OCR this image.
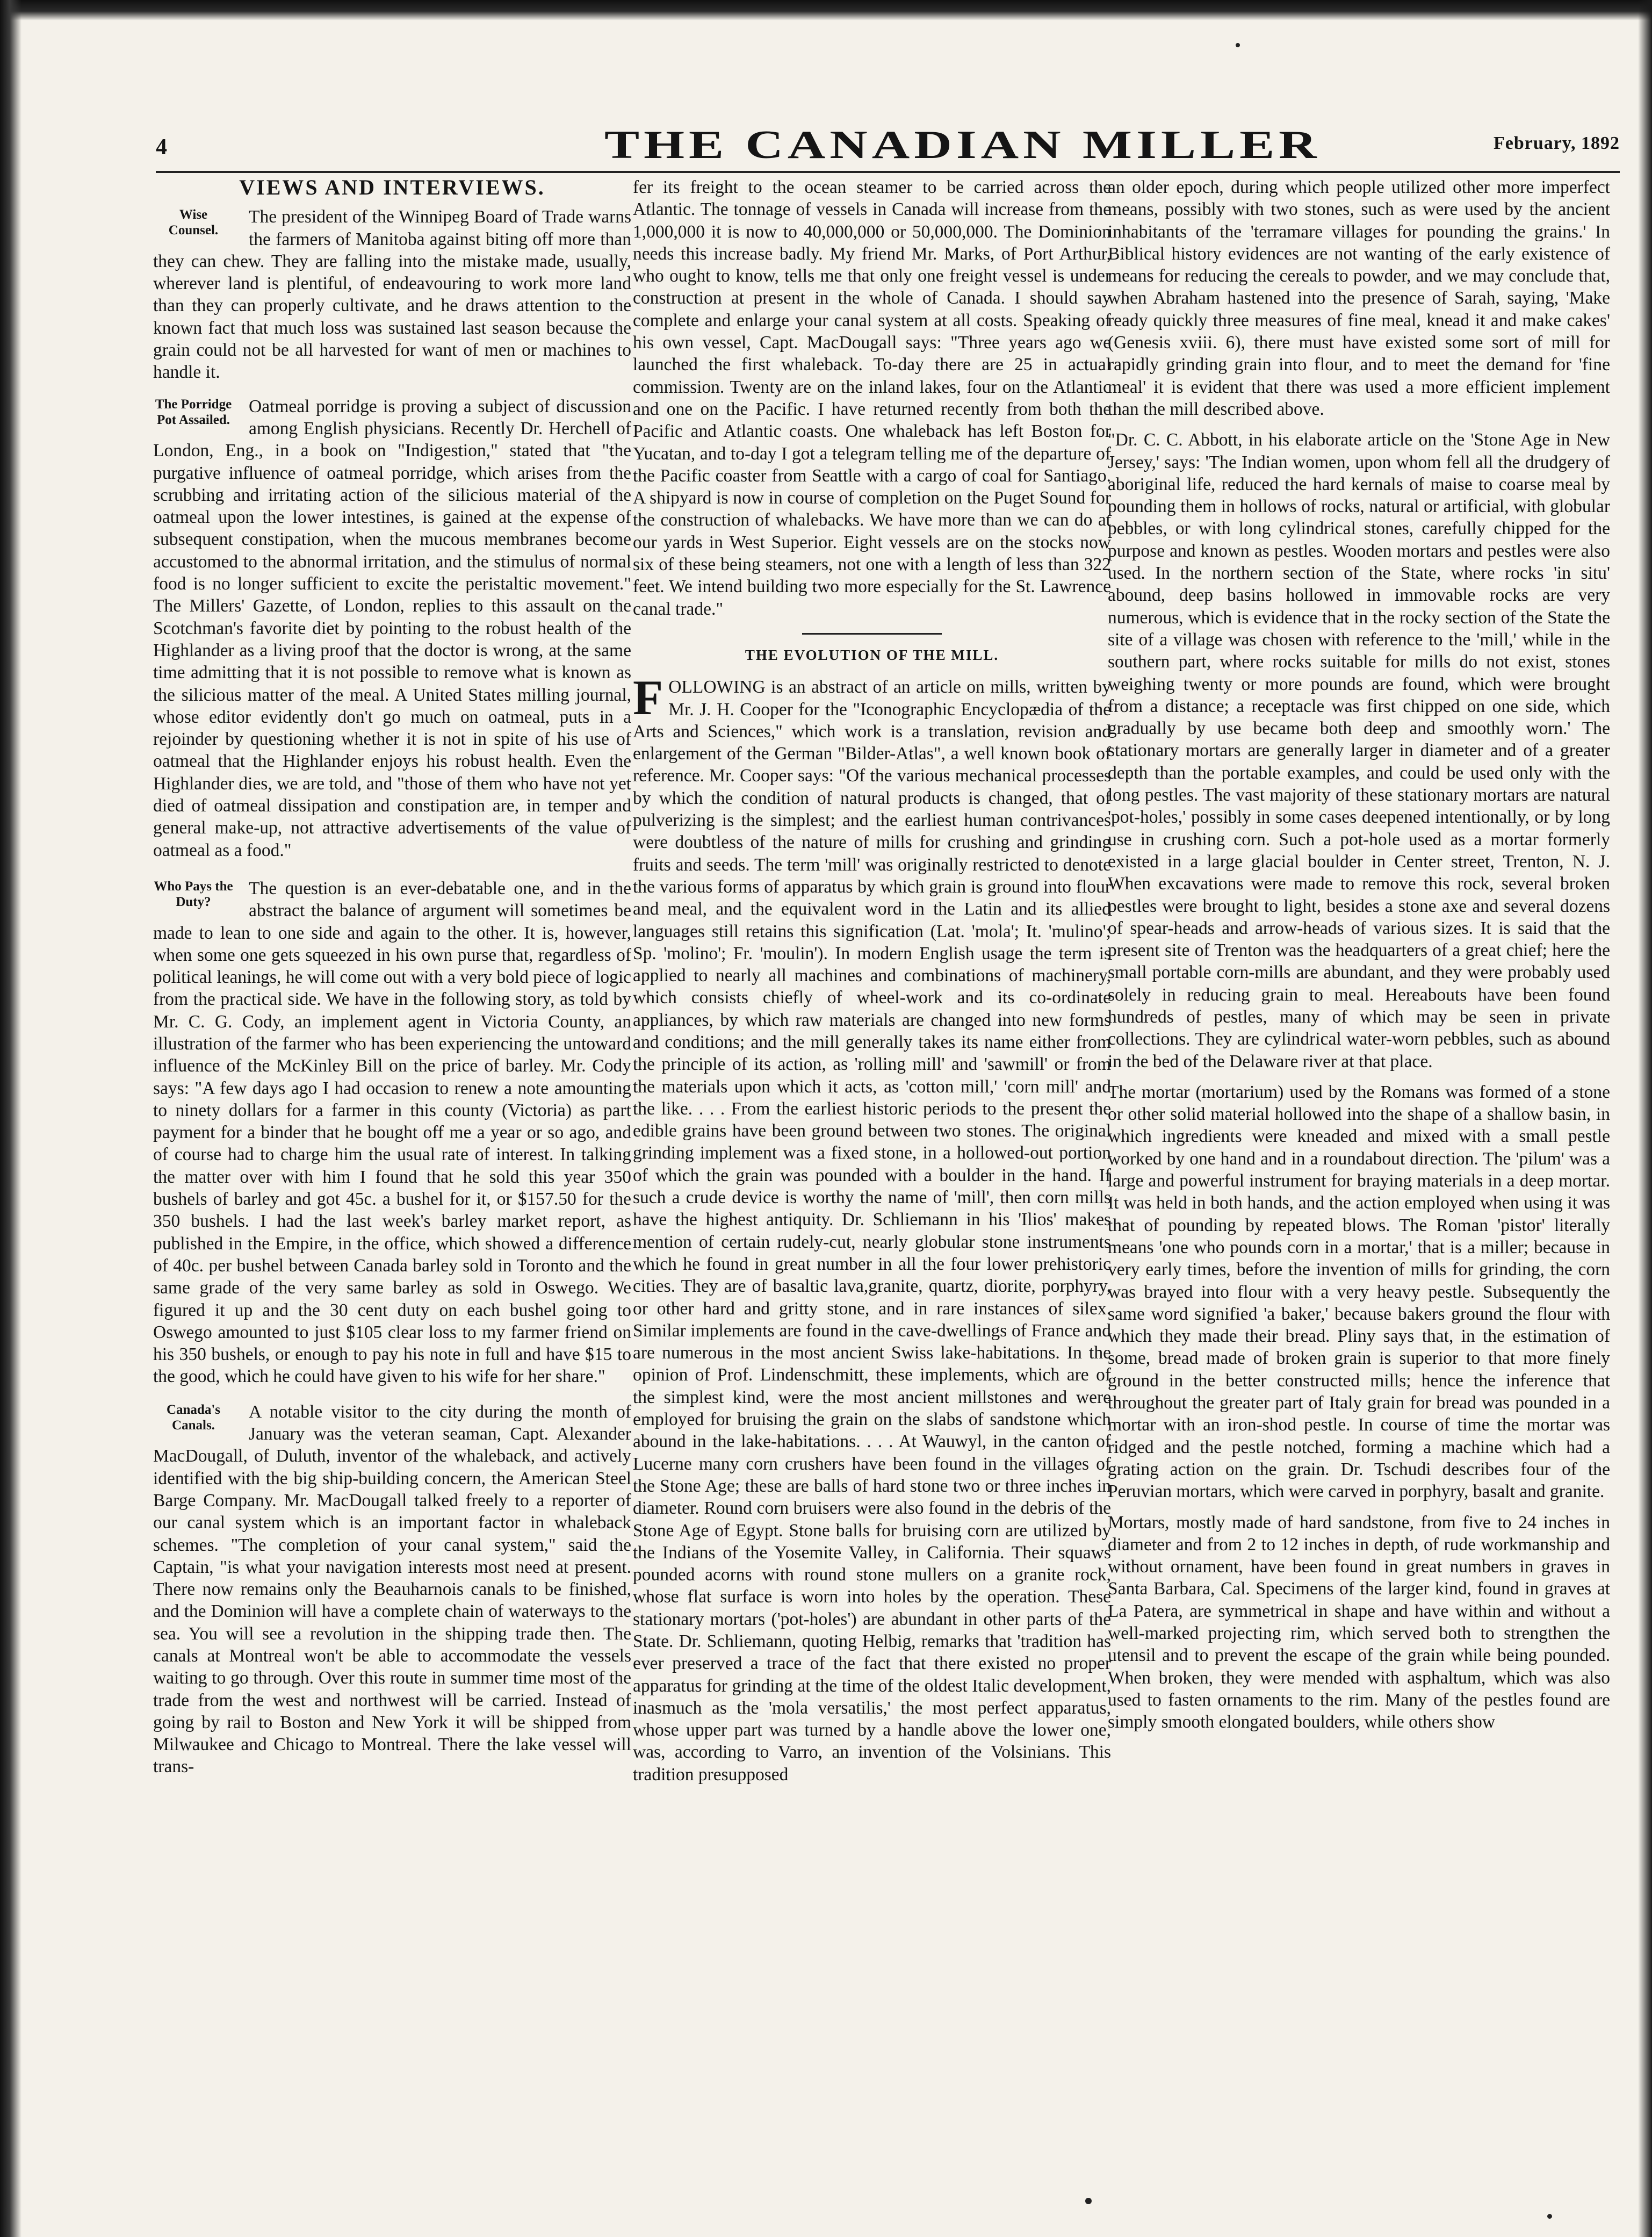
4	THE CANADIAN MILLER	February, 1892
VIEWS AND INTERVIEWS.

Wise Counsel.
The president of the Winnipeg Board of Trade warns the farmers of Manitoba against biting off more than they can chew. They are falling into the mistake made, usually, wherever land is plentiful, of endeavouring to work more land than they can properly cultivate, and he draws attention to the known fact that much loss was sustained last season because the grain could not be all harvested for want of men or machines to handle it.

The Porridge Pot Assailed.
Oatmeal porridge is proving a subject of discussion among English physicians. Recently Dr. Herchell of London, Eng., in a book on "Indigestion," stated that "the purgative influence of oatmeal porridge, which arises from the scrubbing and irritating action of the silicious material of the oatmeal upon the lower intestines, is gained at the expense of subsequent constipation, when the mucous membranes become accustomed to the abnormal irritation, and the stimulus of normal food is no longer sufficient to excite the peristaltic movement." The Millers' Gazette, of London, replies to this assault on the Scotchman's favorite diet by pointing to the robust health of the Highlander as a living proof that the doctor is wrong, at the same time admitting that it is not possible to remove what is known as the silicious matter of the meal. A United States milling journal, whose editor evidently don't go much on oatmeal, puts in a rejoinder by questioning whether it is not in spite of his use of oatmeal that the Highlander enjoys his robust health. Even the Highlander dies, we are told, and "those of them who have not yet died of oatmeal dissipation and constipation are, in temper and general make-up, not attractive advertisements of the value of oatmeal as a food."

Who Pays the Duty?
The question is an ever-debatable one, and in the abstract the balance of argument will sometimes be made to lean to one side and again to the other. It is, however, when some one gets squeezed in his own purse that, regardless of political leanings, he will come out with a very bold piece of logic from the practical side. We have in the following story, as told by Mr. C. G. Cody, an implement agent in Victoria County, an illustration of the farmer who has been experiencing the untoward influence of the McKinley Bill on the price of barley. Mr. Cody says: "A few days ago I had occasion to renew a note amounting to ninety dollars for a farmer in this county (Victoria) as part payment for a binder that he bought off me a year or so ago, and of course had to charge him the usual rate of interest. In talking the matter over with him I found that he sold this year 350 bushels of barley and got 45c. a bushel for it, or $157.50 for the 350 bushels. I had the last week's barley market report, as published in the Empire, in the office, which showed a difference of 40c. per bushel between Canada barley sold in Toronto and the same grade of the very same barley as sold in Oswego. We figured it up and the 30 cent duty on each bushel going to Oswego amounted to just $105 clear loss to my farmer friend on his 350 bushels, or enough to pay his note in full and have $15 to the good, which he could have given to his wife for her share."

Canada's Canals.
A notable visitor to the city during the month of January was the veteran seaman, Capt. Alexander MacDougall, of Duluth, inventor of the whaleback, and actively identified with the big ship-building concern, the American Steel Barge Company. Mr. MacDougall talked freely to a reporter of our canal system which is an important factor in whaleback schemes. "The completion of your canal system," said the Captain, "is what your navigation interests most need at present. There now remains only the Beauharnois canals to be finished, and the Dominion will have a complete chain of waterways to the sea. You will see a revolution in the shipping trade then. The canals at Montreal won't be able to accommodate the vessels waiting to go through. Over this route in summer time most of the trade from the west and northwest will be carried. Instead of going by rail to Boston and New York it will be shipped from Milwaukee and Chicago to Montreal. There the lake vessel will trans-

fer its freight to the ocean steamer to be carried across the Atlantic. The tonnage of vessels in Canada will increase from the 1,000,000 it is now to 40,000,000 or 50,000,000. The Dominion needs this increase badly. My friend Mr. Marks, of Port Arthur, who ought to know, tells me that only one freight vessel is under construction at present in the whole of Canada. I should say complete and enlarge your canal system at all costs. Speaking of his own vessel, Capt. MacDougall says: "Three years ago we launched the first whaleback. To-day there are 25 in actual commission. Twenty are on the inland lakes, four on the Atlantic and one on the Pacific. I have returned recently from both the Pacific and Atlantic coasts. One whaleback has left Boston for Yucatan, and to-day I got a telegram telling me of the departure of the Pacific coaster from Seattle with a cargo of coal for Santiago. A shipyard is now in course of completion on the Puget Sound for the construction of whalebacks. We have more than we can do at our yards in West Superior. Eight vessels are on the stocks now six of these being steamers, not one with a length of less than 322 feet. We intend building two more especially for the St. Lawrence canal trade."

THE EVOLUTION OF THE MILL.

F OLLOWING is an abstract of an article on mills, written by Mr. J. H. Cooper for the "Iconographic Encyclopædia of the Arts and Sciences," which work is a translation, revision and enlargement of the German "Bilder-Atlas", a well known book of reference. Mr. Cooper says: "Of the various mechanical processes by which the condition of natural products is changed, that of pulverizing is the simplest; and the earliest human contrivances were doubtless of the nature of mills for crushing and grinding fruits and seeds. The term 'mill' was originally restricted to denote the various forms of apparatus by which grain is ground into flour and meal, and the equivalent word in the Latin and its allied languages still retains this signification (Lat. 'mola'; It. 'mulino'; Sp. 'molino'; Fr. 'moulin'). In modern English usage the term is applied to nearly all machines and combinations of machinery, which consists chiefly of wheel-work and its co-ordinate appliances, by which raw materials are changed into new forms and conditions; and the mill generally takes its name either from the principle of its action, as 'rolling mill' and 'sawmill' or from the materials upon which it acts, as 'cotton mill,' 'corn mill' and the like. . . . From the earliest historic periods to the present the edible grains have been ground between two stones. The original grinding implement was a fixed stone, in a hollowed-out portion of which the grain was pounded with a boulder in the hand. If such a crude device is worthy the name of 'mill', then corn mills have the highest antiquity. Dr. Schliemann in his 'Ilios' makes mention of certain rudely-cut, nearly globular stone instruments which he found in great number in all the four lower prehistoric cities. They are of basaltic lava,granite, quartz, diorite, porphyry, or other hard and gritty stone, and in rare instances of silex. Similar implements are found in the cave-dwellings of France and are numerous in the most ancient Swiss lake-habitations. In the opinion of Prof. Lindenschmitt, these implements, which are of the simplest kind, were the most ancient millstones and were employed for bruising the grain on the slabs of sandstone which abound in the lake-habitations. . . . At Wauwyl, in the canton of Lucerne many corn crushers have been found in the villages of the Stone Age; these are balls of hard stone two or three inches in diameter. Round corn bruisers were also found in the debris of the Stone Age of Egypt. Stone balls for bruising corn are utilized by the Indians of the Yosemite Valley, in California. Their squaws pounded acorns with round stone mullers on a granite rock, whose flat surface is worn into holes by the operation. These stationary mortars ('pot-holes') are abundant in other parts of the State. Dr. Schliemann, quoting Helbig, remarks that 'tradition has ever preserved a trace of the fact that there existed no proper apparatus for grinding at the time of the oldest Italic development, inasmuch as the 'mola versatilis,' the most perfect apparatus, whose upper part was turned by a handle above the lower one, was, according to Varro, an invention of the Volsinians. This tradition presupposed

an older epoch, during which people utilized other more imperfect means, possibly with two stones, such as were used by the ancient inhabitants of the 'terramare villages for pounding the grains.' In Biblical history evidences are not wanting of the early existence of means for reducing the cereals to powder, and we may conclude that, when Abraham hastened into the presence of Sarah, saying, 'Make ready quickly three measures of fine meal, knead it and make cakes' (Genesis xviii. 6), there must have existed some sort of mill for rapidly grinding grain into flour, and to meet the demand for 'fine meal' it is evident that there was used a more efficient implement than the mill described above.

"Dr. C. C. Abbott, in his elaborate article on the 'Stone Age in New Jersey,' says: 'The Indian women, upon whom fell all the drudgery of aboriginal life, reduced the hard kernals of maise to coarse meal by pounding them in hollows of rocks, natural or artificial, with globular pebbles, or with long cylindrical stones, carefully chipped for the purpose and known as pestles. Wooden mortars and pestles were also used. In the northern section of the State, where rocks 'in situ' abound, deep basins hollowed in immovable rocks are very numerous, which is evidence that in the rocky section of the State the site of a village was chosen with reference to the 'mill,' while in the southern part, where rocks suitable for mills do not exist, stones weighing twenty or more pounds are found, which were brought from a distance; a receptacle was first chipped on one side, which gradually by use became both deep and smoothly worn.' The stationary mortars are generally larger in diameter and of a greater depth than the portable examples, and could be used only with the long pestles. The vast majority of these stationary mortars are natural 'pot-holes,' possibly in some cases deepened intentionally, or by long use in crushing corn. Such a pot-hole used as a mortar formerly existed in a large glacial boulder in Center street, Trenton, N. J. When excavations were made to remove this rock, several broken pestles were brought to light, besides a stone axe and several dozens of spear-heads and arrow-heads of various sizes. It is said that the present site of Trenton was the headquarters of a great chief; here the small portable corn-mills are abundant, and they were probably used solely in reducing grain to meal. Hereabouts have been found hundreds of pestles, many of which may be seen in private collections. They are cylindrical water-worn pebbles, such as abound in the bed of the Delaware river at that place.

The mortar (mortarium) used by the Romans was formed of a stone or other solid material hollowed into the shape of a shallow basin, in which ingredients were kneaded and mixed with a small pestle worked by one hand and in a roundabout direction. The 'pilum' was a large and powerful instrument for braying materials in a deep mortar. It was held in both hands, and the action employed when using it was that of pounding by repeated blows. The Roman 'pistor' literally means 'one who pounds corn in a mortar,' that is a miller; because in very early times, before the invention of mills for grinding, the corn was brayed into flour with a very heavy pestle. Subsequently the same word signified 'a baker,' because bakers ground the flour with which they made their bread. Pliny says that, in the estimation of some, bread made of broken grain is superior to that more finely ground in the better constructed mills; hence the inference that throughout the greater part of Italy grain for bread was pounded in a mortar with an iron-shod pestle. In course of time the mortar was ridged and the pestle notched, forming a machine which had a grating action on the grain. Dr. Tschudi describes four of the Peruvian mortars, which were carved in porphyry, basalt and granite.

Mortars, mostly made of hard sandstone, from five to 24 inches in diameter and from 2 to 12 inches in depth, of rude workmanship and without ornament, have been found in great numbers in graves in Santa Barbara, Cal. Specimens of the larger kind, found in graves at La Patera, are symmetrical in shape and have within and without a well-marked projecting rim, which served both to strengthen the utensil and to prevent the escape of the grain while being pounded. When broken, they were mended with asphaltum, which was also used to fasten ornaments to the rim. Many of the pestles found are simply smooth elongated boulders, while others show
